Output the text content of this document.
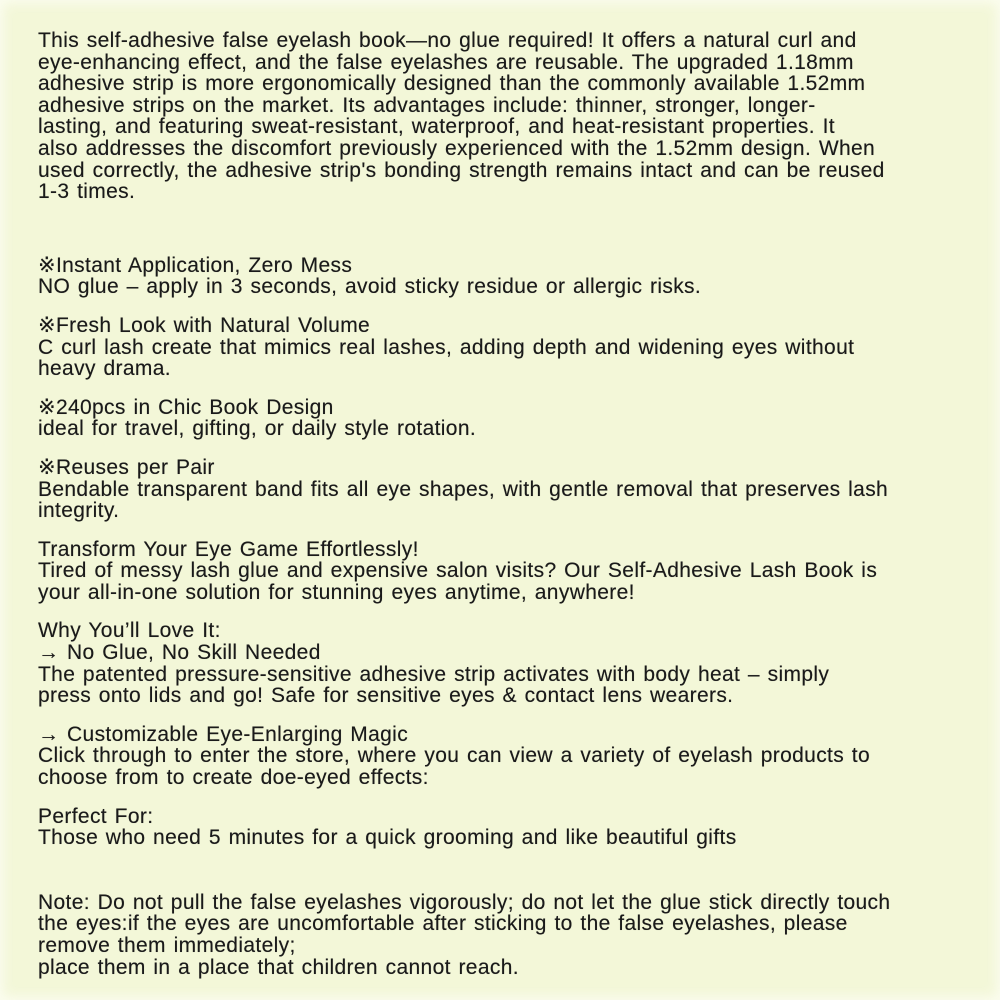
This self-adhesive false eyelash book—no glue required! It offers a natural curl and
eye-enhancing effect, and the false eyelashes are reusable. The upgraded 1.18mm
adhesive strip is more ergonomically designed than the commonly available 1.52mm
adhesive strips on the market. Its advantages include: thinner, stronger, longer-
lasting, and featuring sweat-resistant, waterproof, and heat-resistant properties. It
also addresses the discomfort previously experienced with the 1.52mm design. When
used correctly, the adhesive strip's bonding strength remains intact and can be reused
1-3 times.

※Instant Application, Zero Mess
NO glue – apply in 3 seconds, avoid sticky residue or allergic risks.

※Fresh Look with Natural Volume
C curl lash create that mimics real lashes, adding depth and widening eyes without
heavy drama.

※240pcs in Chic Book Design
ideal for travel, gifting, or daily style rotation.

※Reuses per Pair
Bendable transparent band fits all eye shapes, with gentle removal that preserves lash
integrity.

Transform Your Eye Game Effortlessly!
Tired of messy lash glue and expensive salon visits? Our Self-Adhesive Lash Book is
your all-in-one solution for stunning eyes anytime, anywhere!

Why You’ll Love It:
→ No Glue, No Skill Needed
The patented pressure-sensitive adhesive strip activates with body heat – simply
press onto lids and go! Safe for sensitive eyes & contact lens wearers.

→ Customizable Eye-Enlarging Magic
Click through to enter the store, where you can view a variety of eyelash products to
choose from to create doe-eyed effects:

Perfect For:
Those who need 5 minutes for a quick grooming and like beautiful gifts

Note: Do not pull the false eyelashes vigorously; do not let the glue stick directly touch
the eyes:if the eyes are uncomfortable after sticking to the false eyelashes, please
remove them immediately;
place them in a place that children cannot reach.
